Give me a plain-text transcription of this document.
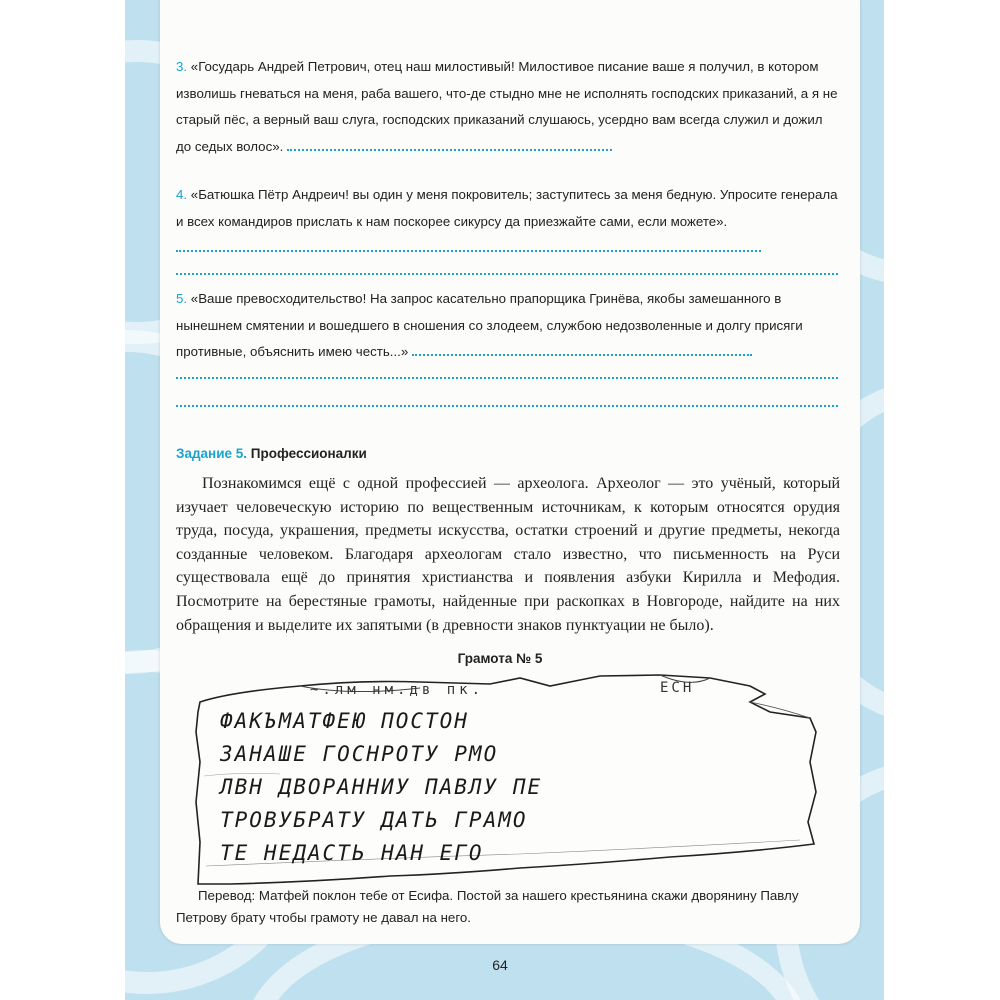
3. «Государь Андрей Петрович, отец наш милостивый! Милостивое писание ваше я получил, в котором изволишь гневаться на меня, раба вашего, что-де стыдно мне не исполнять господских приказаний, а я не старый пёс, а верный ваш слуга, господских приказаний слушаюсь, усердно вам всегда служил и дожил до седых волос».
4. «Батюшка Пётр Андреич! вы один у меня покровитель; заступитесь за меня бедную. Упросите генерала и всех командиров прислать к нам поскорее сикурсу да приезжайте сами, если можете».
5. «Ваше превосходительство! На запрос касательно прапорщика Гринёва, якобы замешанного в нынешнем смятении и вошедшего в сношения со злодеем, службою недозволенные и долгу присяги противные, объяснить имею честь...»
Задание 5. Профессионалки
Познакомимся ещё с одной профессией — археолога. Археолог — это учёный, который изучает человеческую историю по вещественным источникам, к которым относятся орудия труда, посуда, украшения, предметы искусства, остатки строений и другие предметы, некогда созданные человеком. Благодаря археологам стало известно, что письменность на Руси существовала ещё до принятия христианства и появления азбуки Кирилла и Мефодия. Посмотрите на берестяные грамоты, найденные при раскопках в Новгороде, найдите на них обращения и выделите их запятыми (в древности знаков пунктуации не было).
Грамота № 5
~.лм нм.дв пк.	ЕСН
ФАКЪМАТФЕЮ ПОСТОН
ЗАНАШЕ ГОСНРОТУ РМО
ЛВН ДВОРАННИУ ПАВЛУ ПЕ
ТРОВУБРАТУ ДАТЬ ГРАМО
ТЕ НЕДАСТЬ НАН ЕГО
Перевод: Матфей поклон тебе от Есифа. Постой за нашего крестьянина скажи дворянину Павлу Петрову брату чтобы грамоту не давал на него.
64
